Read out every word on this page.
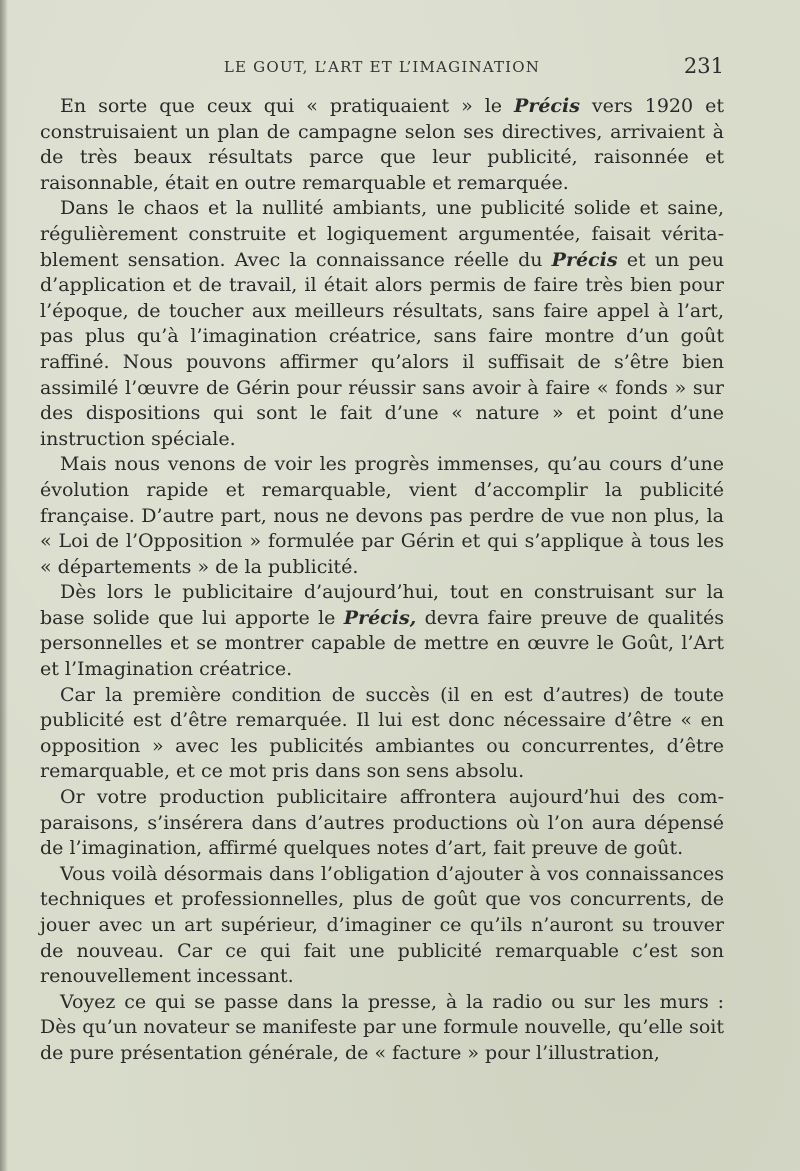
LE GOUT, L’ART ET L’IMAGINATION	231

En sorte que ceux qui « pratiquaient » le Précis vers 1920 et construisaient un plan de campagne selon ses directives, arrivaient à de très beaux résultats parce que leur publicité, raisonnée et raisonnable, était en outre remarquable et remarquée.

Dans le chaos et la nullité ambiants, une publicité solide et saine, régulièrement construite et logiquement argumentée, faisait véritablement sensation. Avec la connaissance réelle du Précis et un peu d’application et de travail, il était alors permis de faire très bien pour l’époque, de toucher aux meilleurs résultats, sans faire appel à l’art, pas plus qu’à l’imagination créatrice, sans faire montre d’un goût raffiné. Nous pouvons affirmer qu’alors il suffisait de s’être bien assimilé l’œuvre de Gérin pour réussir sans avoir à faire « fonds » sur des dispositions qui sont le fait d’une « nature » et point d’une instruction spéciale.

Mais nous venons de voir les progrès immenses, qu’au cours d’une évolution rapide et remarquable, vient d’accomplir la publicité française. D’autre part, nous ne devons pas perdre de vue non plus, la « Loi de l’Opposition » formulée par Gérin et qui s’applique à tous les « départements » de la publicité.

Dès lors le publicitaire d’aujourd’hui, tout en construisant sur la base solide que lui apporte le Précis, devra faire preuve de qualités personnelles et se montrer capable de mettre en œuvre le Goût, l’Art et l’Imagination créatrice.

Car la première condition de succès (il en est d’autres) de toute publicité est d’être remarquée. Il lui est donc nécessaire d’être « en opposition » avec les publicités ambiantes ou concurrentes, d’être remarquable, et ce mot pris dans son sens absolu.

Or votre production publicitaire affrontera aujourd’hui des comparaisons, s’insérera dans d’autres productions où l’on aura dépensé de l’imagination, affirmé quelques notes d’art, fait preuve de goût.

Vous voilà désormais dans l’obligation d’ajouter à vos connaissances techniques et professionnelles, plus de goût que vos concurrents, de jouer avec un art supérieur, d’imaginer ce qu’ils n’auront su trouver de nouveau. Car ce qui fait une publicité remarquable c’est son renouvellement incessant.

Voyez ce qui se passe dans la presse, à la radio ou sur les murs : Dès qu’un novateur se manifeste par une formule nouvelle, qu’elle soit de pure présentation générale, de « facture » pour l’illustration,
